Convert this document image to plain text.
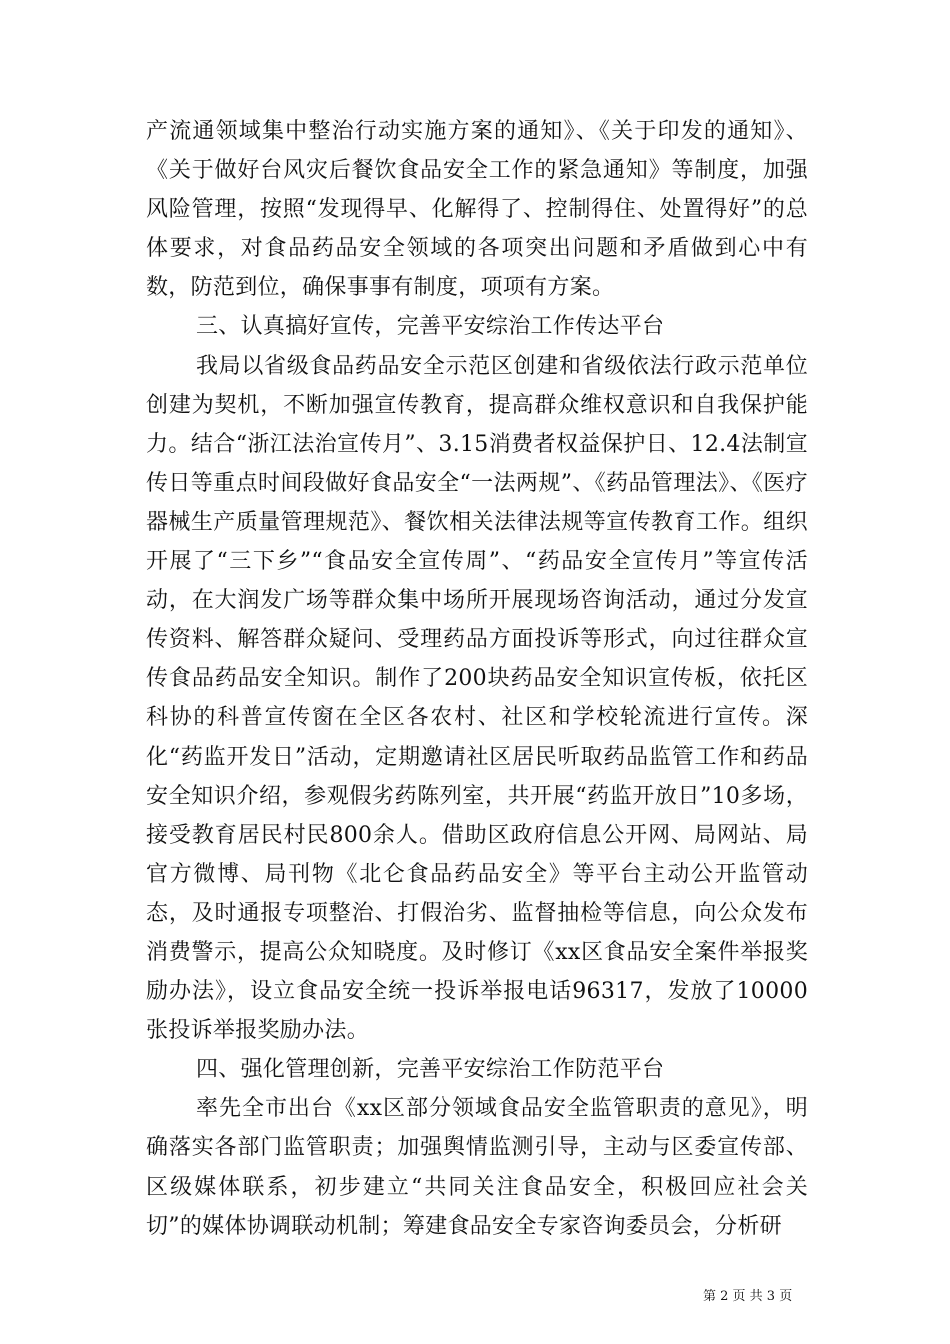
产流通领域集中整治行动实施方案的通知》、《关于印发的通知》、《关于做好台风灾后餐饮食品安全工作的紧急通知》等制度，加强风险管理，按照“发现得早、化解得了、控制得住、处置得好”的总体要求，对食品药品安全领域的各项突出问题和矛盾做到心中有数，防范到位，确保事事有制度，项项有方案。

三、认真搞好宣传，完善平安综治工作传达平台

我局以省级食品药品安全示范区创建和省级依法行政示范单位创建为契机，不断加强宣传教育，提高群众维权意识和自我保护能力。结合“浙江法治宣传月”、3.15消费者权益保护日、12.4法制宣传日等重点时间段做好食品安全“一法两规”、《药品管理法》、《医疗器械生产质量管理规范》、餐饮相关法律法规等宣传教育工作。组织开展了“三下乡”“食品安全宣传周”、“药品安全宣传月”等宣传活动，在大润发广场等群众集中场所开展现场咨询活动，通过分发宣传资料、解答群众疑问、受理药品方面投诉等形式，向过往群众宣传食品药品安全知识。制作了200块药品安全知识宣传板，依托区科协的科普宣传窗在全区各农村、社区和学校轮流进行宣传。深化“药监开发日”活动，定期邀请社区居民听取药品监管工作和药品安全知识介绍，参观假劣药陈列室，共开展“药监开放日”10多场，接受教育居民村民800余人。借助区政府信息公开网、局网站、局官方微博、局刊物《北仑食品药品安全》等平台主动公开监管动态，及时通报专项整治、打假治劣、监督抽检等信息，向公众发布消费警示，提高公众知晓度。及时修订《xx区食品安全案件举报奖励办法》，设立食品安全统一投诉举报电话96317，发放了10000张投诉举报奖励办法。

四、强化管理创新，完善平安综治工作防范平台

率先全市出台《xx区部分领域食品安全监管职责的意见》，明确落实各部门监管职责；加强舆情监测引导，主动与区委宣传部、区级媒体联系，初步建立“共同关注食品安全，积极回应社会关切”的媒体协调联动机制；筹建食品安全专家咨询委员会，分析研

第 2 页 共 3 页
